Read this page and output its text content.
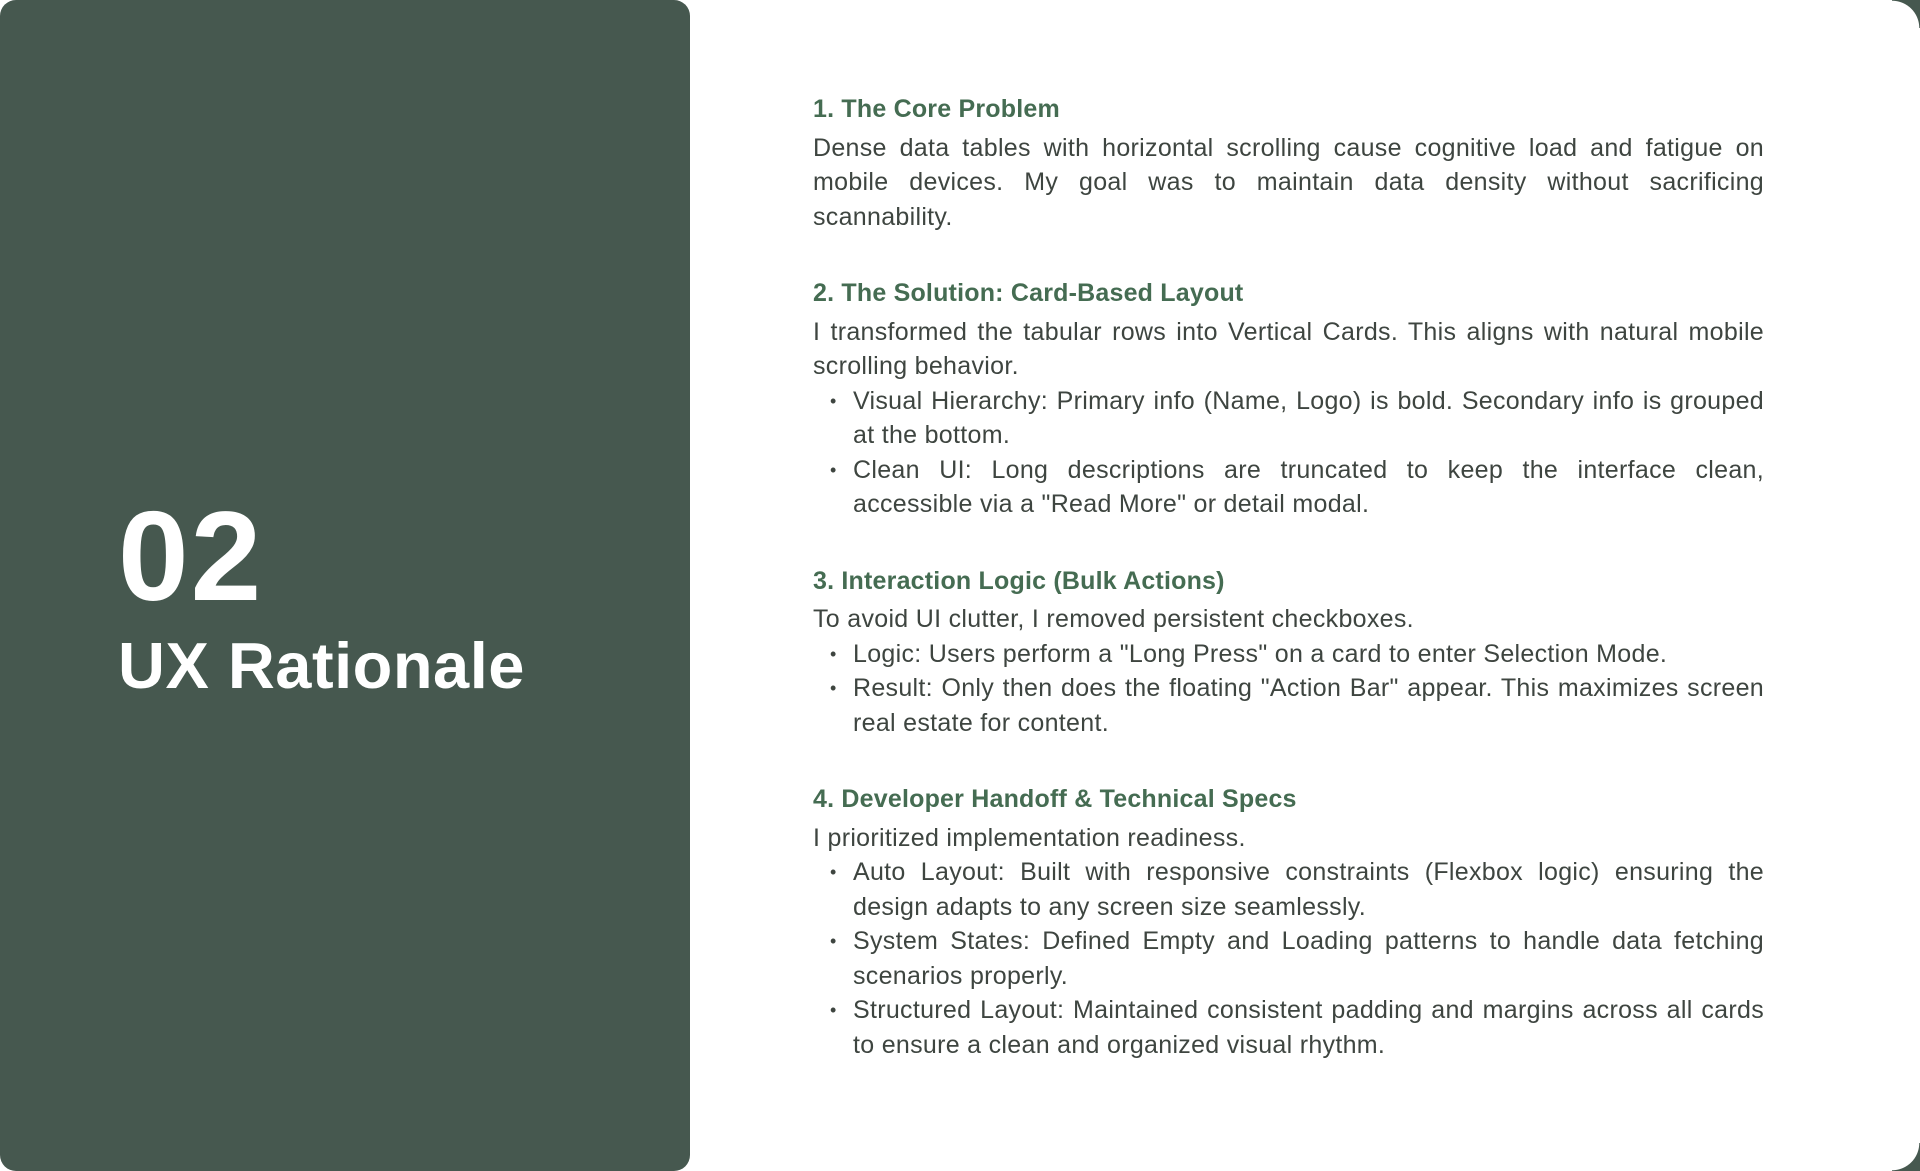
02
UX Rationale
1. The Core Problem

Dense data tables with horizontal scrolling cause cognitive load and fatigue on mobile devices. My goal was to maintain data density without sacrificing scannability.

2. The Solution: Card-Based Layout

I transformed the tabular rows into Vertical Cards. This aligns with natural mobile scrolling behavior.

• Visual Hierarchy: Primary info (Name, Logo) is bold. Secondary info is grouped at the bottom.
• Clean UI: Long descriptions are truncated to keep the interface clean, accessible via a "Read More" or detail modal.
3. Interaction Logic (Bulk Actions)

To avoid UI clutter, I removed persistent checkboxes.

• Logic: Users perform a "Long Press" on a card to enter Selection Mode.
• Result: Only then does the floating "Action Bar" appear. This maximizes screen real estate for content.
4. Developer Handoff & Technical Specs

I prioritized implementation readiness.

• Auto Layout: Built with responsive constraints (Flexbox logic) ensuring the design adapts to any screen size seamlessly.
• System States: Defined Empty and Loading patterns to handle data fetching scenarios properly.
• Structured Layout: Maintained consistent padding and margins across all cards to ensure a clean and organized visual rhythm.
